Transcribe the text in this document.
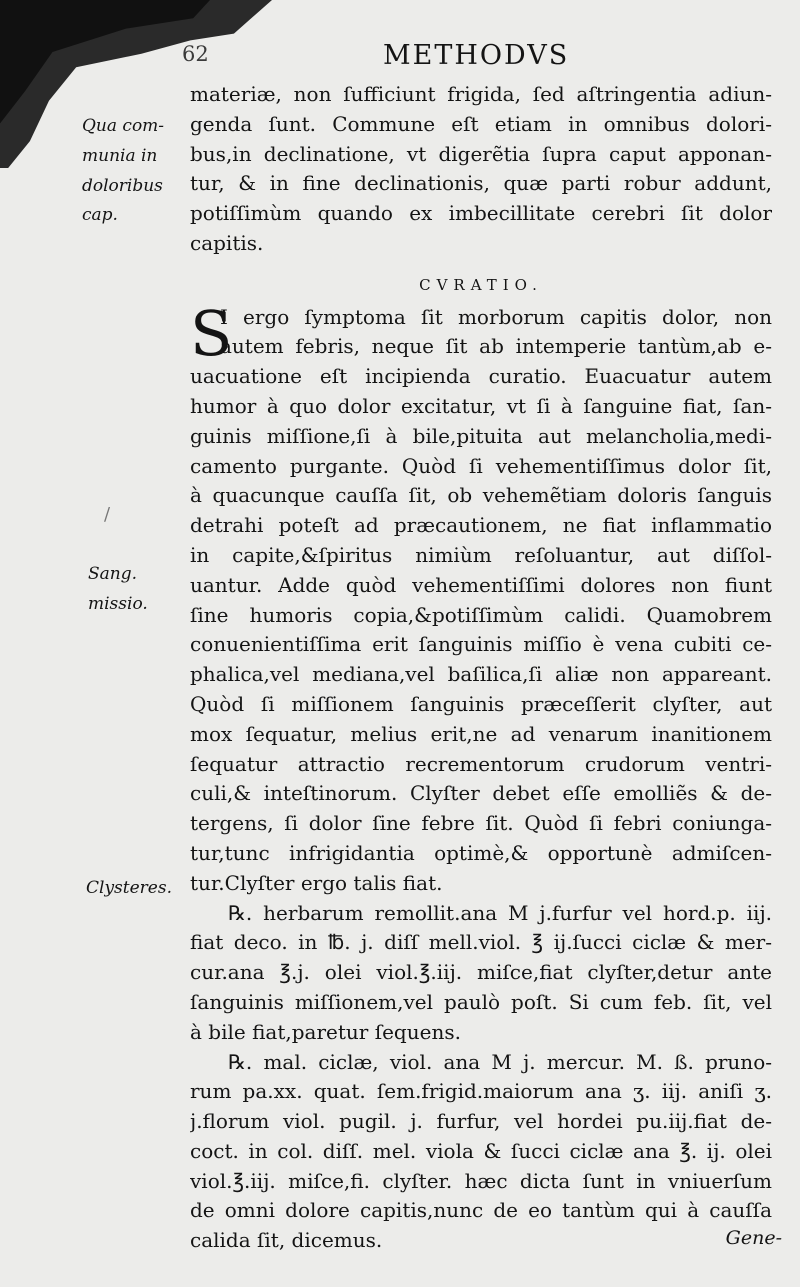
62	METHODVS
Qua com-
munia in
doloribus
cap.
Sang.
missio.
Clysteres.
/
materiæ, non ſufficiunt frigida, ſed aſtringentia adiun-
genda ſunt. Commune eſt etiam in omnibus dolori-
bus,in declinatione, vt digerẽtia ſupra caput apponan-
tur, & in fine declinationis, quæ parti robur addunt,
potiſſimùm quando ex imbecillitate cerebri ſit dolor
capitis.
CVRATIO.
S
I ergo ſymptoma ſit morborum capitis dolor, non
autem febris, neque ſit ab intemperie tantùm,ab e-
uacuatione eſt incipienda curatio. Euacuatur autem
humor à quo dolor excitatur, vt ſi à ſanguine fiat, ſan-
guinis miſſione,ſi à bile,pituita aut melancholia,medi-
camento purgante. Quòd ſi vehementiſſimus dolor ſit,
à quacunque cauſſa ſit, ob vehemẽtiam doloris ſanguis
detrahi poteſt ad præcautionem, ne fiat inflammatio
in capite,&ſpiritus nimiùm reſoluantur, aut diſſol-
uantur. Adde quòd vehementiſſimi dolores non fiunt
ſine humoris copia,&potiſſimùm calidi. Quamobrem
conuenientiſſima erit ſanguinis miſſio è vena cubiti ce-
phalica,vel mediana,vel baſilica,ſi aliæ non appareant.
Quòd ſi miſſionem ſanguinis præceſſerit clyſter, aut
mox ſequatur, melius erit,ne ad venarum inanitionem
ſequatur attractio recrementorum crudorum ventri-
culi,& inteſtinorum. Clyſter debet eſſe emolliẽs & de-
tergens, ſi dolor ſine febre ſit. Quòd ſi febri coniunga-
tur,tunc infrigidantia optimè,& opportunè admiſcen-
tur.Clyſter ergo talis fiat.
℞. herbarum remollit.ana M j.furfur vel hord.p. iij.
fiat deco. in ℔. j. diſſ mell.viol. ℥ ij.ſucci ciclæ & mer-
cur.ana ℥.j. olei viol.℥.iij. miſce,fiat clyſter,detur ante
ſanguinis miſſionem,vel paulò poſt. Si cum feb. ſit, vel
à bile fiat,paretur ſequens.
℞. mal. ciclæ, viol. ana M j. mercur. M. ß. pruno-
rum pa.xx. quat. ſem.frigid.maiorum ana ʒ. iij. aniſi ʒ.
j.florum viol. pugil. j. furfur, vel hordei pu.iij.fiat de-
coct. in col. diſſ. mel. viola & ſucci ciclæ ana ℥. ij. olei
viol.℥.iij. miſce,fi. clyſter. hæc dicta ſunt in vniuerſum
de omni dolore capitis,nunc de eo tantùm qui à cauſſa
calida ſit, dicemus.	Gene-
